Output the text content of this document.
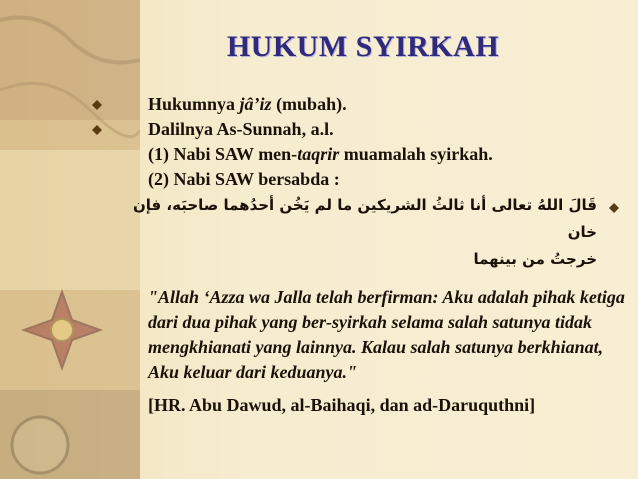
HUKUM SYIRKAH
Hukumnya jâ’iz (mubah).
Dalilnya As-Sunnah, a.l.
(1) Nabi SAW men-taqrir muamalah syirkah.
(2) Nabi SAW bersabda :
قَالَ اللهُ تعالى أنا ثالثُ الشريكين ما لم يَخُن أحدُهما صاحبَه، فإن خان
خرجتُ من بينهما
"Allah ‘Azza wa Jalla telah berfirman: Aku adalah pihak ketiga dari dua pihak yang ber-syirkah selama salah satunya tidak mengkhianati yang lainnya. Kalau salah satunya berkhianat, Aku keluar dari keduanya."
[HR. Abu Dawud, al-Baihaqi, dan ad-Daruquthni]
